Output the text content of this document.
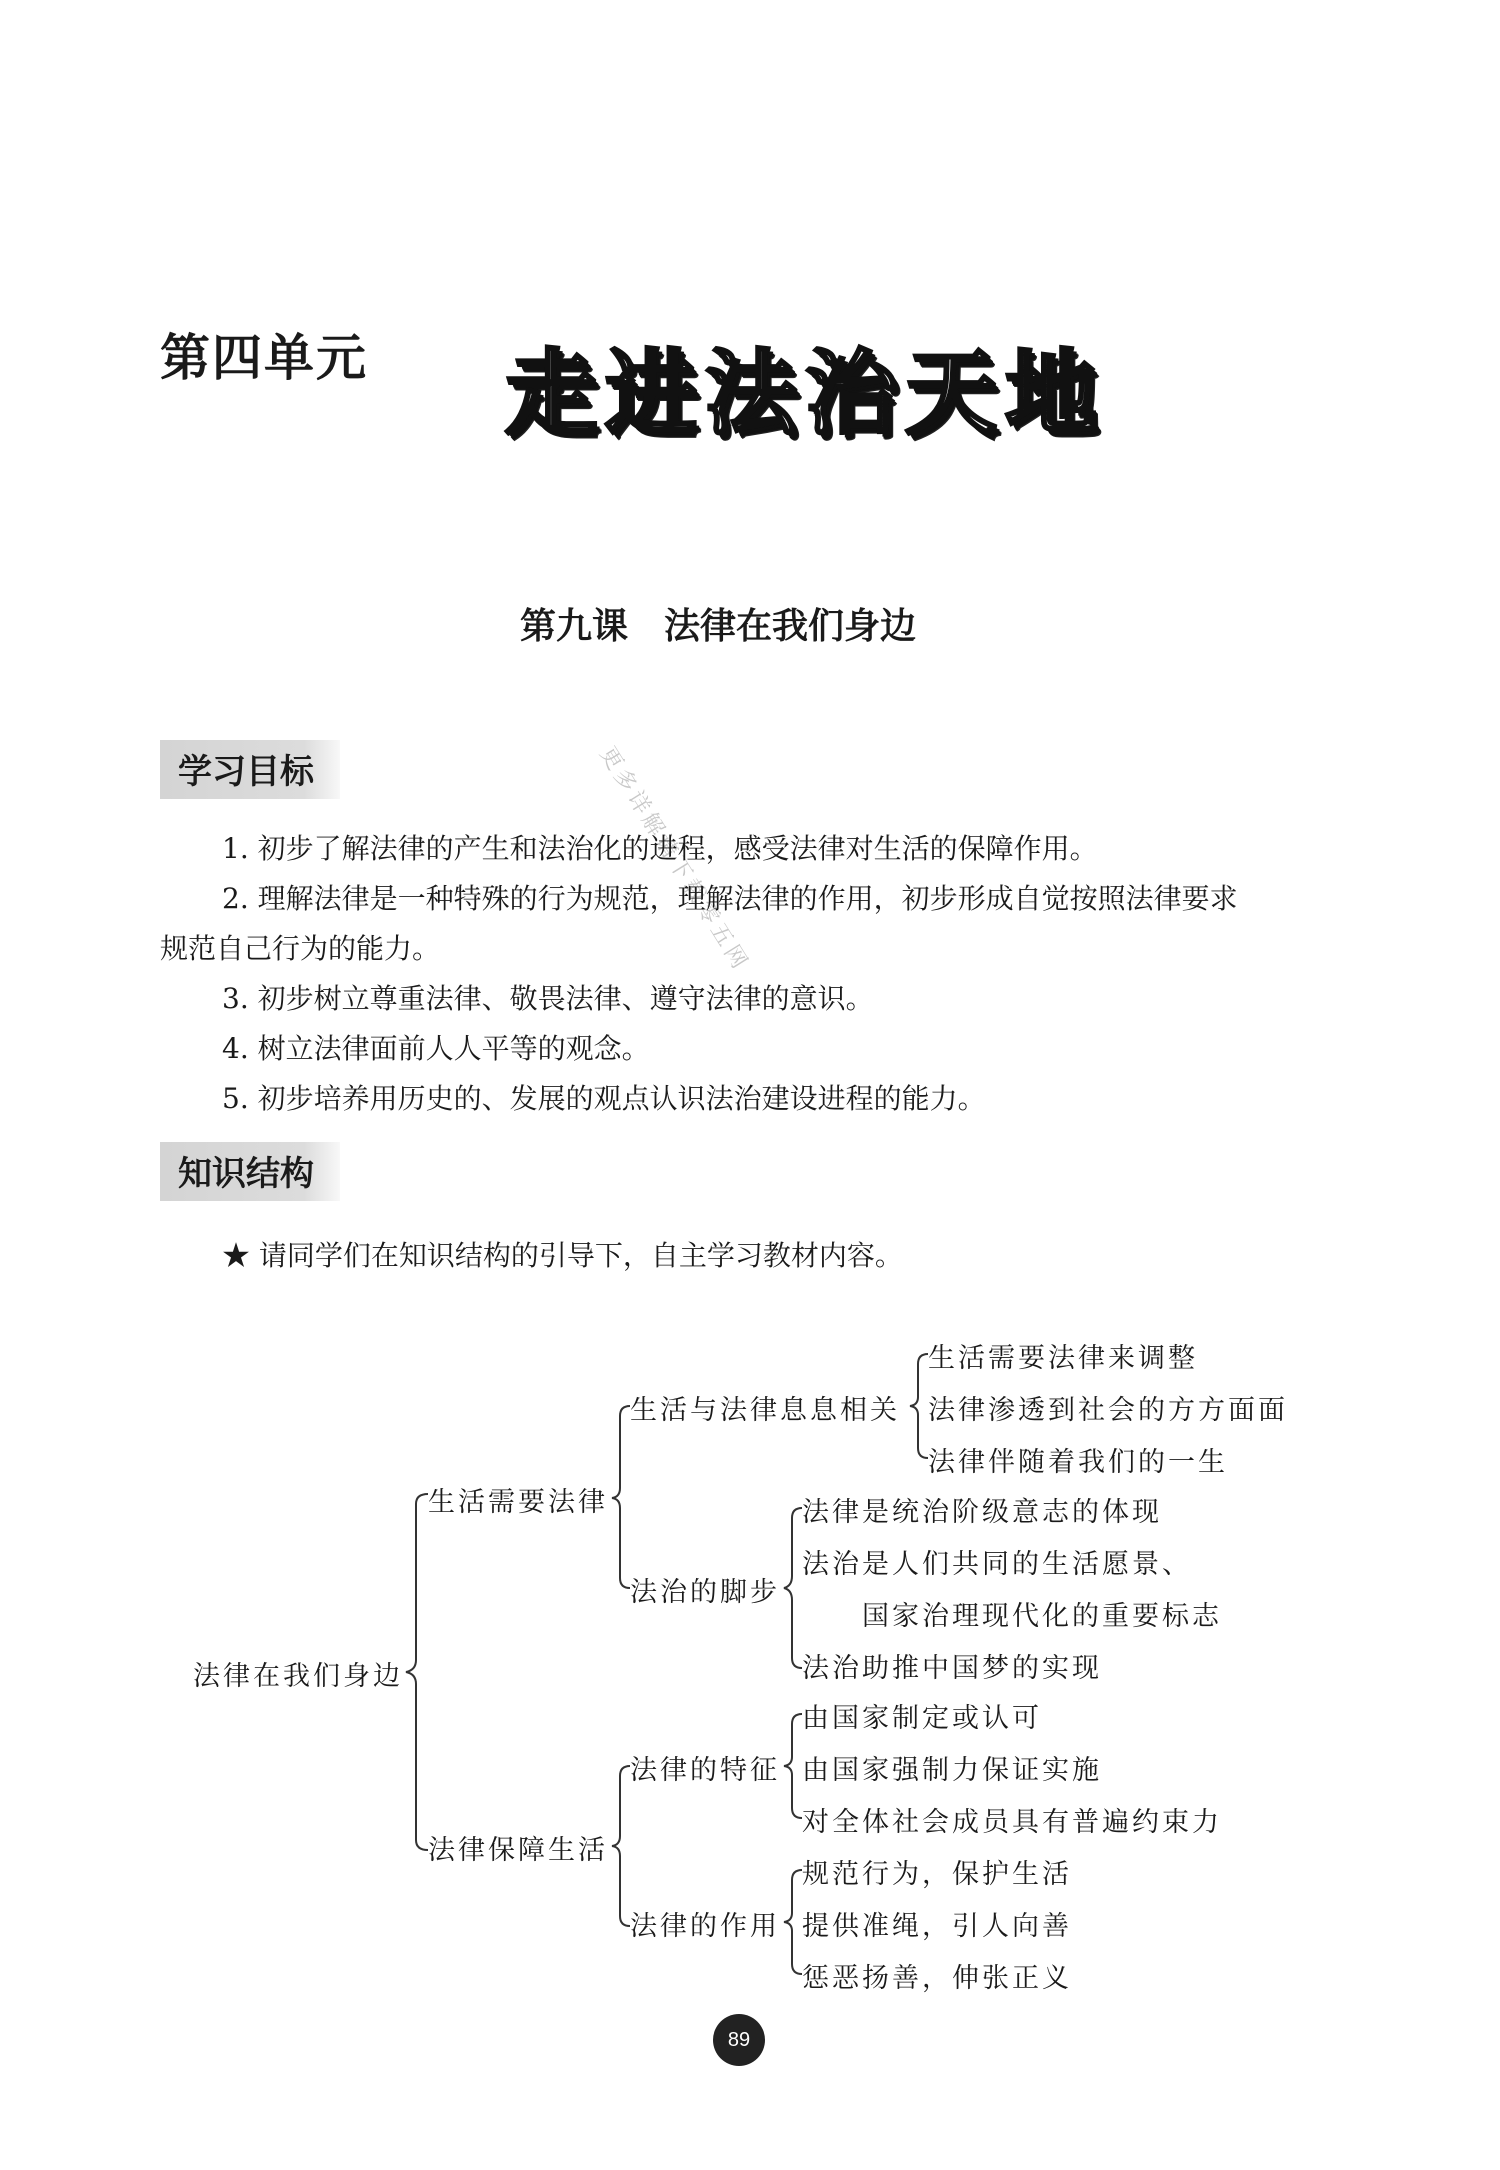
第四单元 走进法治天地
第九课　法律在我们身边
更多详解请下载零五网
学习目标
1. 初步了解法律的产生和法治化的进程，感受法律对生活的保障作用。
2. 理解法律是一种特殊的行为规范，理解法律的作用，初步形成自觉按照法律要求
规范自己行为的能力。
3. 初步树立尊重法律、敬畏法律、遵守法律的意识。
4. 树立法律面前人人平等的观念。
5. 初步培养用历史的、发展的观点认识法治建设进程的能力。
知识结构
★ 请同学们在知识结构的引导下，自主学习教材内容。
法律在我们身边
生活需要法律
法律保障生活
生活与法律息息相关
生活需要法律来调整
法律渗透到社会的方方面面
法律伴随着我们的一生
法治的脚步
法律是统治阶级意志的体现
法治是人们共同的生活愿景、
国家治理现代化的重要标志
法治助推中国梦的实现
法律的特征
由国家制定或认可
由国家强制力保证实施
对全体社会成员具有普遍约束力
法律的作用
规范行为，保护生活
提供准绳，引人向善
惩恶扬善，伸张正义
89
